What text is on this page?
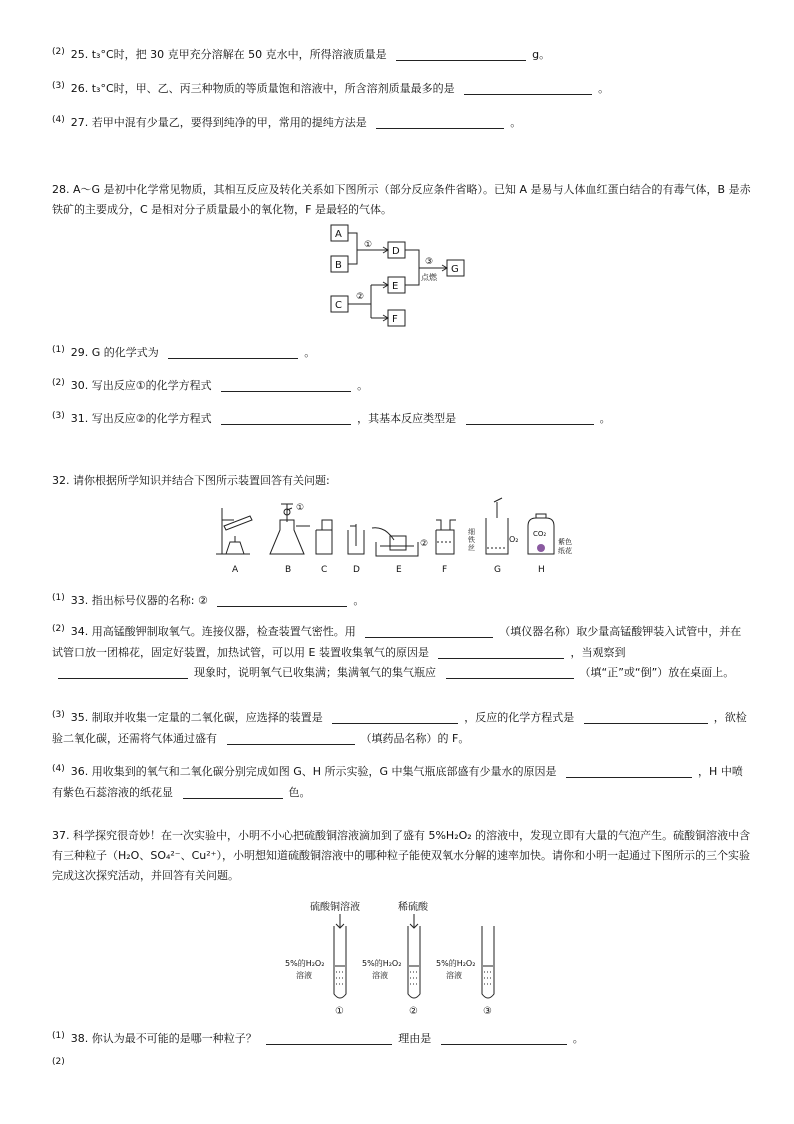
$^{(2)}$ 25. t₃°C时，把 30 克甲充分溶解在 50 克水中，所得溶液质量是	g。
$^{(3)}$ 26. t₃°C时，甲、乙、丙三种物质的等质量饱和溶液中，所含溶剂质量最多的是	。
$^{(4)}$ 27. 若甲中混有少量乙，要得到纯净的甲，常用的提纯方法是	。
28. A～G 是初中化学常见物质，其相互反应及转化关系如下图所示（部分反应条件省略）。已知 A 是易与人体血红蛋白结合的有毒气体，B 是赤铁矿的主要成分，C 是相对分子质量最小的氧化物，F 是最轻的气体。
A
B
C
D
E
F
G
①
③
点燃
②
$^{(1)}$ 29. G 的化学式为	。
$^{(2)}$ 30. 写出反应①的化学方程式	。
$^{(3)}$ 31. 写出反应②的化学方程式	，其基本反应类型是	。
32. 请你根据所学知识并结合下图所示装置回答有关问题:
A
①
B	C	D
②
E	F
细
铁
丝
O₂
G
CO₂
紫色
纸花
H
$^{(1)}$ 33. 指出标号仪器的名称: ②	。
$^{(2)}$ 34. 用高锰酸钾制取氧气。连接仪器，检查装置气密性。用	（填仪器名称）取少量高锰酸钾装入试管中，并在试管口放一团棉花，固定好装置，加热试管，可以用 E 装置收集氧气的原因是	，当观察到 现象时，说明氧气已收集满；集满氧气的集气瓶应	（填“正”或“倒”）放在桌面上。
$^{(3)}$ 35. 制取并收集一定量的二氧化碳，应选择的装置是	，反应的化学方程式是	，欲检验二氧化碳，还需将气体通过盛有	（填药品名称）的 F。
$^{(4)}$ 36. 用收集到的氧气和二氧化碳分别完成如图 G、H 所示实验，G 中集气瓶底部盛有少量水的原因是	，H 中喷有紫色石蕊溶液的纸花显	色。
37. 科学探究很奇妙！在一次实验中，小明不小心把硫酸铜溶液滴加到了盛有 5%H₂O₂ 的溶液中，发现立即有大量的气泡产生。硫酸铜溶液中含有三种粒子（H₂O、SO₄²⁻、Cu²⁺），小明想知道硫酸铜溶液中的哪种粒子能使双氧水分解的速率加快。请你和小明一起通过下图所示的三个实验完成这次探究活动，并回答有关问题。
硫酸铜溶液	稀硫酸
5%的H₂O₂
溶液
5%的H₂O₂
溶液
5%的H₂O₂
溶液
①	②	③
$^{(1)}$ 38. 你认为最不可能的是哪一种粒子？	理由是	。
$^{(2)}$
